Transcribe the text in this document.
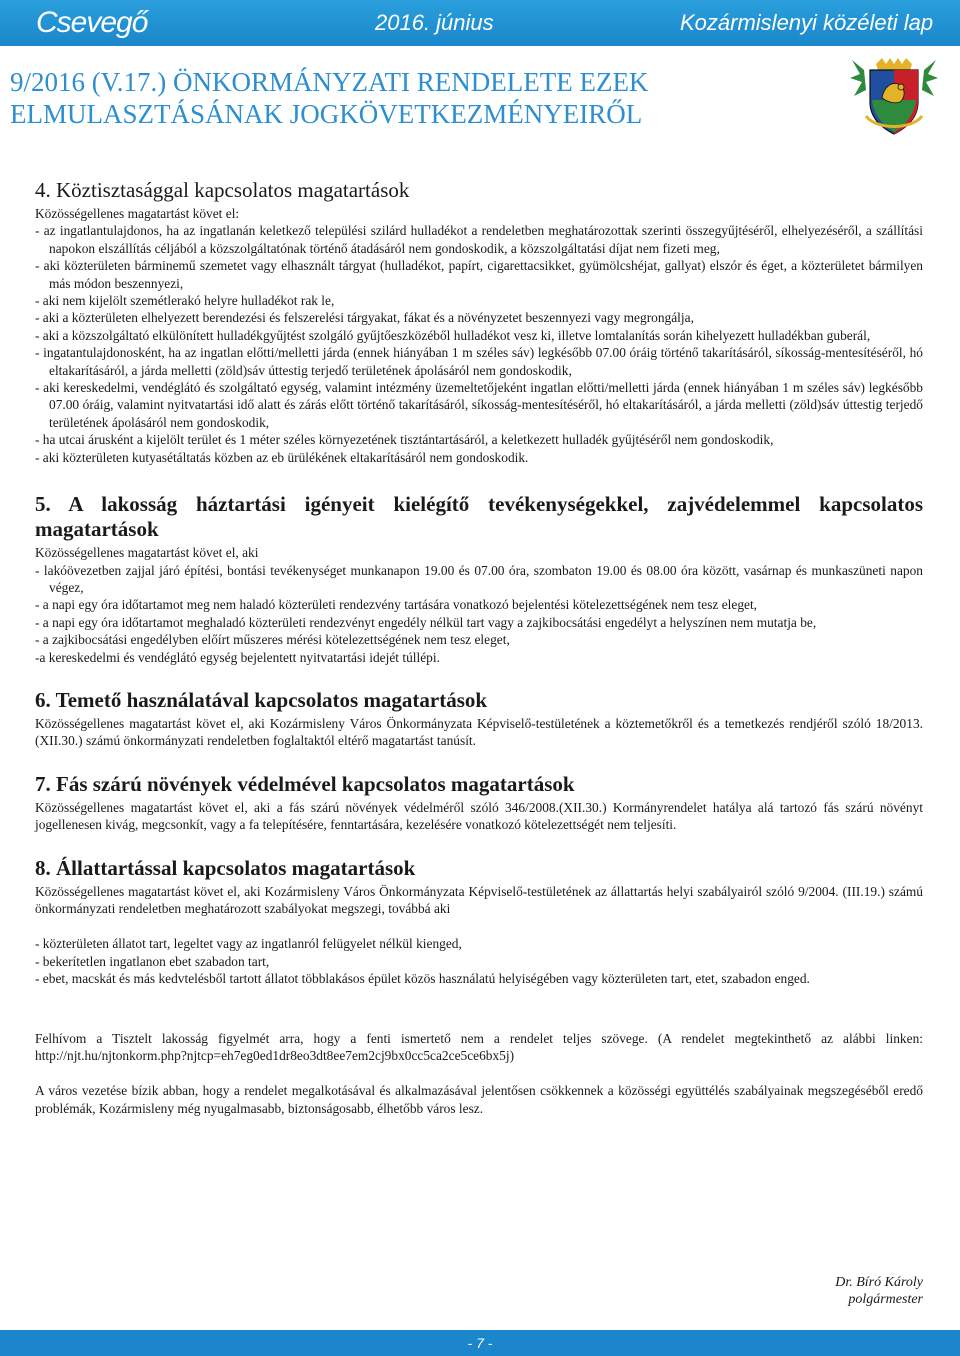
Csevegő	2016. június	Kozármislenyi közéleti lap
9/2016 (V.17.) ÖNKORMÁNYZATI RENDELETE EZEK ELMULASZTÁSÁNAK JOGKÖVETKEZMÉNYEIRŐL
4. Köztisztasággal kapcsolatos magatartások

Közösségellenes magatartást követ el:

- az ingatlantulajdonos, ha az ingatlanán keletkező települési szilárd hulladékot a rendeletben meghatározottak szerinti összegyűjtéséről, elhelyezéséről, a szállítási napokon elszállítás céljából a közszolgáltatónak történő átadásáról nem gondoskodik, a közszolgáltatási díjat nem fizeti meg,
- aki közterületen bárminemű szemetet vagy elhasznált tárgyat (hulladékot, papírt, cigarettacsikket, gyümölcshéjat, gallyat) elszór és éget, a közterületet bármilyen más módon beszennyezi,
- aki nem kijelölt szemétlerakó helyre hulladékot rak le,
- aki a közterületen elhelyezett berendezési és felszerelési tárgyakat, fákat és a növényzetet beszennyezi vagy megrongálja,
- aki a közszolgáltató elkülönített hulladékgyűjtést szolgáló gyűjtőeszközéből hulladékot vesz ki, illetve lomtalanítás során kihelyezett hulladékban guberál,
- ingatantulajdonosként, ha az ingatlan előtti/melletti járda (ennek hiányában 1 m széles sáv) legkésőbb 07.00 óráig történő takarításáról, síkosság-mentesítéséről, hó eltakarításáról, a járda melletti (zöld)sáv úttestig terjedő területének ápolásáról nem gondoskodik,
- aki kereskedelmi, vendéglátó és szolgáltató egység, valamint intézmény üzemeltetőjeként ingatlan előtti/melletti járda (ennek hiányában 1 m széles sáv) legkésőbb 07.00 óráig, valamint nyitvatartási idő alatt és zárás előtt történő takarításáról, síkosság-mentesítéséről, hó eltakarításáról, a járda melletti (zöld)sáv úttestig terjedő területének ápolásáról nem gondoskodik,
- ha utcai árusként a kijelölt terület és 1 méter széles környezetének tisztántartásáról, a keletkezett hulladék gyűjtéséről nem gondoskodik,
- aki közterületen kutyasétáltatás közben az eb ürülékének eltakarításáról nem gondoskodik.
5. A lakosság háztartási igényeit kielégítő tevékenységekkel, zajvédelemmel kapcsolatos magatartások

Közösségellenes magatartást követ el, aki

- lakóövezetben zajjal járó építési, bontási tevékenységet munkanapon 19.00 és 07.00 óra, szombaton 19.00 és 08.00 óra között, vasárnap és munkaszüneti napon végez,
- a napi egy óra időtartamot meg nem haladó közterületi rendezvény tartására vonatkozó bejelentési kötelezettségének nem tesz eleget,
- a napi egy óra időtartamot meghaladó közterületi rendezvényt engedély nélkül tart vagy a zajkibocsátási engedélyt a helyszínen nem mutatja be,
- a zajkibocsátási engedélyben előírt műszeres mérési kötelezettségének nem tesz eleget,
-a kereskedelmi és vendéglátó egység bejelentett nyitvatartási idejét túllépi.
6. Temető használatával kapcsolatos magatartások

Közösségellenes magatartást követ el, aki Kozármisleny Város Önkormányzata Képviselő-testületének a köztemetőkről és a temetkezés rendjéről szóló 18/2013. (XII.30.) számú önkormányzati rendeletben foglaltaktól eltérő magatartást tanúsít.

7. Fás szárú növények védelmével kapcsolatos magatartások

Közösségellenes magatartást követ el, aki a fás szárú növények védelméről szóló 346/2008.(XII.30.) Kormányrendelet hatálya alá tartozó fás szárú növényt jogellenesen kivág, megcsonkít, vagy a fa telepítésére, fenntartására, kezelésére vonatkozó kötelezettségét nem teljesíti.

8. Állattartással kapcsolatos magatartások

Közösségellenes magatartást követ el, aki Kozármisleny Város Önkormányzata Képviselő-testületének az állattartás helyi szabályairól szóló 9/2004. (III.19.) számú önkormányzati rendeletben meghatározott szabályokat megszegi, továbbá aki

- közterületen állatot tart, legeltet vagy az ingatlanról felügyelet nélkül kienged,
- bekerítetlen ingatlanon ebet szabadon tart,
- ebet, macskát és más kedvtelésből tartott állatot többlakásos épület közös használatú helyiségében vagy közterületen tart, etet, szabadon enged.

Felhívom a Tisztelt lakosság figyelmét arra, hogy a fenti ismertető nem a rendelet teljes szövege. (A rendelet megtekinthető az alábbi linken: http://njt.hu/njtonkorm.php?njtcp=eh7eg0ed1dr8eo3dt8ee7em2cj9bx0cc5ca2ce5ce6bx5j)

A város vezetése bízik abban, hogy a rendelet megalkotásával és alkalmazásával jelentősen csökkennek a közösségi együttélés szabályainak megszegéséből eredő problémák, Kozármisleny még nyugalmasabb, biztonságosabb, élhetőbb város lesz.

Dr. Bíró Károly
polgármester
- 7 -
